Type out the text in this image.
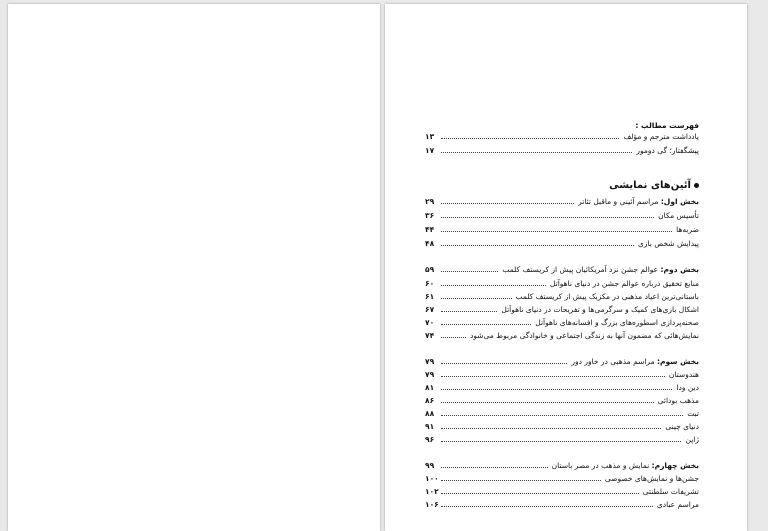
فهرست مطالب :
یادداشت مترجم و مؤلف
۱۳
پیشگفتار؛ گی دومور
۱۷
آئین‌های نمایشی
بخش اول: مراسم آئینی و ماقبل تئاتر
۲۹
تأسیس مکان
۳۶
ضربه‌ها
۴۴
پیدایش شخص بازی
۴۸
بخش دوم: عوالم جشن نزد آمریکائیان پیش از کریستف کلمب
۵۹
منابع تحقیق درباره عوالم جشن در دنیای ناهوآتل
۶۰
باستانی‌ترین اعیاد مذهبی در مکزیک پیش از کریستف کلمب
۶۱
اشکال بازی‌های کمیک و سرگرمی‌ها و تفریحات در دنیای ناهوآتل
۶۷
صحنه‌پردازی اسطوره‌های بزرگ و افسانه‌های ناهوآتل
۷۰
نمایش‌هائی که مضمون آنها به زندگی اجتماعی و خانوادگی مربوط می‌شود
۷۴
بخش سوم: مراسم مذهبی در خاور دور
۷۹
هندوستان
۷۹
دین ودا
۸۱
مذهب بودائی
۸۶
تبت
۸۸
دنیای چینی
۹۱
ژاپن
۹۶
بخش چهارم: نمایش و مذهب در مصر باستان
۹۹
جشن‌ها و نمایش‌های خصوصی
۱۰۰
تشریفات سلطنتی
۱۰۲
مراسم عبادی
۱۰۶
